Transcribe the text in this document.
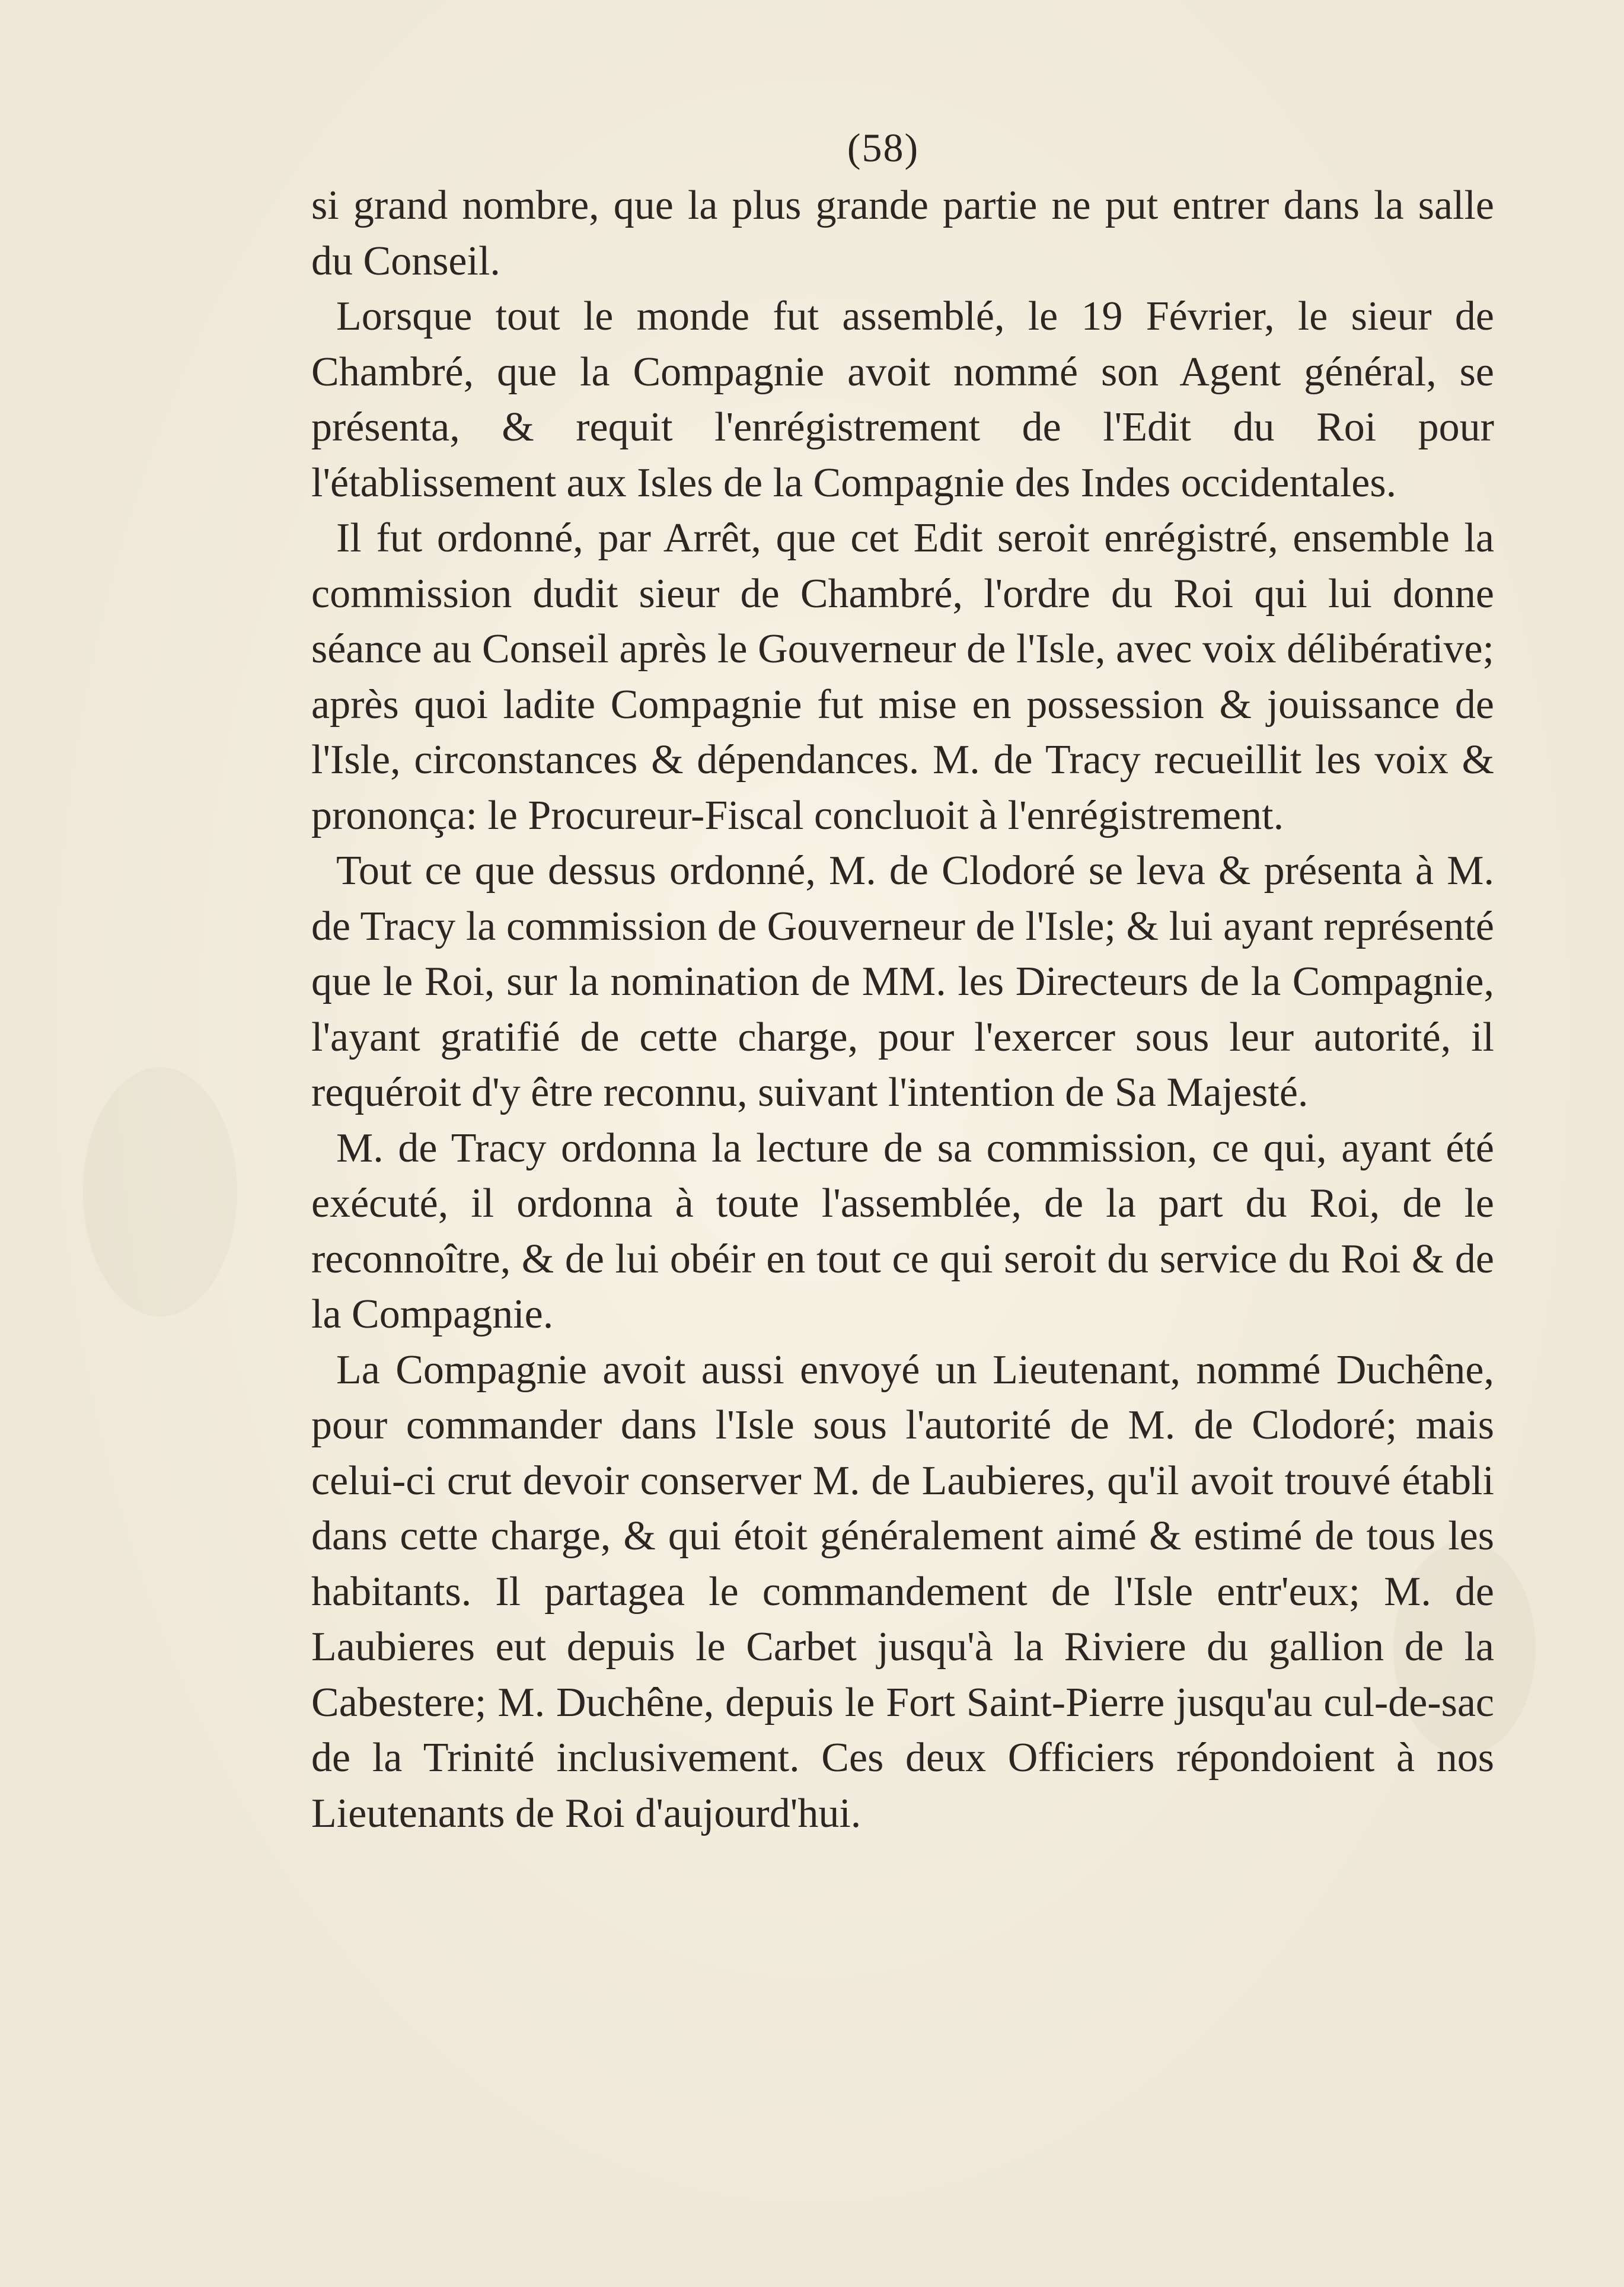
(58)

si grand nombre, que la plus grande partie ne put entrer dans la salle du Conseil.

Lorsque tout le monde fut assemblé, le 19 Février, le sieur de Chambré, que la Compagnie avoit nommé son Agent général, se présenta, & requit l'enrégistrement de l'Edit du Roi pour l'établissement aux Isles de la Compagnie des Indes occidentales.

Il fut ordonné, par Arrêt, que cet Edit seroit enrégistré, ensemble la commission dudit sieur de Chambré, l'ordre du Roi qui lui donne séance au Conseil après le Gouverneur de l'Isle, avec voix délibérative; après quoi ladite Compagnie fut mise en possession & jouissance de l'Isle, circonstances & dépendances. M. de Tracy recueillit les voix & prononça: le Procureur-Fiscal concluoit à l'enrégistrement.

Tout ce que dessus ordonné, M. de Clodoré se leva & présenta à M. de Tracy la commission de Gouverneur de l'Isle; & lui ayant représenté que le Roi, sur la nomination de MM. les Directeurs de la Compagnie, l'ayant gratifié de cette charge, pour l'exercer sous leur autorité, il requéroit d'y être reconnu, suivant l'intention de Sa Majesté.

M. de Tracy ordonna la lecture de sa commission, ce qui, ayant été exécuté, il ordonna à toute l'assemblée, de la part du Roi, de le reconnoître, & de lui obéir en tout ce qui seroit du service du Roi & de la Compagnie.

La Compagnie avoit aussi envoyé un Lieutenant, nommé Duchêne, pour commander dans l'Isle sous l'autorité de M. de Clodoré; mais celui-ci crut devoir conserver M. de Laubieres, qu'il avoit trouvé établi dans cette charge, & qui étoit généralement aimé & estimé de tous les habitants. Il partagea le commandement de l'Isle entr'eux; M. de Laubieres eut depuis le Carbet jusqu'à la Riviere du gallion de la Cabestere; M. Duchêne, depuis le Fort Saint-Pierre jusqu'au cul-de-sac de la Trinité inclusivement. Ces deux Officiers répondoient à nos Lieutenants de Roi d'aujourd'hui.
